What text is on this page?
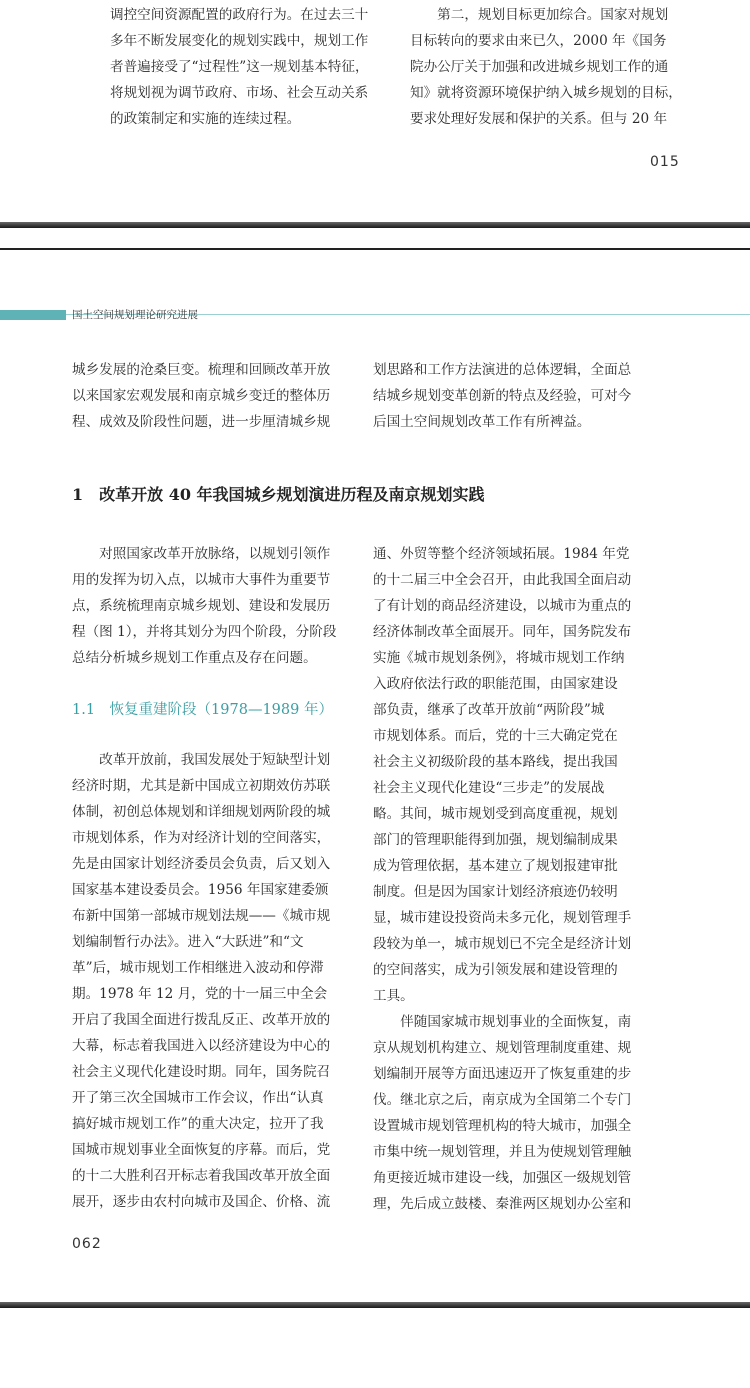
调控空间资源配置的政府行为。在过去三十

多年不断发展变化的规划实践中，规划工作

者普遍接受了“过程性”这一规划基本特征，

将规划视为调节政府、市场、社会互动关系

的政策制定和实施的连续过程。

　　第二，规划目标更加综合。国家对规划

目标转向的要求由来已久，2000 年《国务

院办公厅关于加强和改进城乡规划工作的通

知》就将资源环境保护纳入城乡规划的目标，

要求处理好发展和保护的关系。但与 20 年

015
国土空间规划理论研究进展

城乡发展的沧桑巨变。梳理和回顾改革开放

以来国家宏观发展和南京城乡变迁的整体历

程、成效及阶段性问题，进一步厘清城乡规

划思路和工作方法演进的总体逻辑，全面总

结城乡规划变革创新的特点及经验，可对今

后国土空间规划改革工作有所裨益。

1　改革开放 40 年我国城乡规划演进历程及南京规划实践

　　对照国家改革开放脉络，以规划引领作

用的发挥为切入点，以城市大事件为重要节

点，系统梳理南京城乡规划、建设和发展历

程（图 1），并将其划分为四个阶段，分阶段

总结分析城乡规划工作重点及存在问题。

1.1　恢复重建阶段（1978—1989 年）

　　改革开放前，我国发展处于短缺型计划

经济时期，尤其是新中国成立初期效仿苏联

体制，初创总体规划和详细规划两阶段的城

市规划体系，作为对经济计划的空间落实，

先是由国家计划经济委员会负责，后又划入

国家基本建设委员会。1956 年国家建委颁

布新中国第一部城市规划法规——《城市规

划编制暂行办法》。进入“大跃进”和“文

革”后，城市规划工作相继进入波动和停滞

期。1978 年 12 月，党的十一届三中全会

开启了我国全面进行拨乱反正、改革开放的

大幕，标志着我国进入以经济建设为中心的

社会主义现代化建设时期。同年，国务院召

开了第三次全国城市工作会议，作出“认真

搞好城市规划工作”的重大决定，拉开了我

国城市规划事业全面恢复的序幕。而后，党

的十二大胜利召开标志着我国改革开放全面

展开，逐步由农村向城市及国企、价格、流

通、外贸等整个经济领域拓展。1984 年党

的十二届三中全会召开，由此我国全面启动

了有计划的商品经济建设，以城市为重点的

经济体制改革全面展开。同年，国务院发布

实施《城市规划条例》，将城市规划工作纳

入政府依法行政的职能范围，由国家建设

部负责，继承了改革开放前“两阶段”城

市规划体系。而后，党的十三大确定党在

社会主义初级阶段的基本路线，提出我国

社会主义现代化建设“三步走”的发展战

略。其间，城市规划受到高度重视，规划

部门的管理职能得到加强，规划编制成果

成为管理依据，基本建立了规划报建审批

制度。但是因为国家计划经济痕迹仍较明

显，城市建设投资尚未多元化，规划管理手

段较为单一，城市规划已不完全是经济计划

的空间落实，成为引领发展和建设管理的

工具。

　　伴随国家城市规划事业的全面恢复，南

京从规划机构建立、规划管理制度重建、规

划编制开展等方面迅速迈开了恢复重建的步

伐。继北京之后，南京成为全国第二个专门

设置城市规划管理机构的特大城市，加强全

市集中统一规划管理，并且为使规划管理触

角更接近城市建设一线，加强区一级规划管

理，先后成立鼓楼、秦淮两区规划办公室和

062
